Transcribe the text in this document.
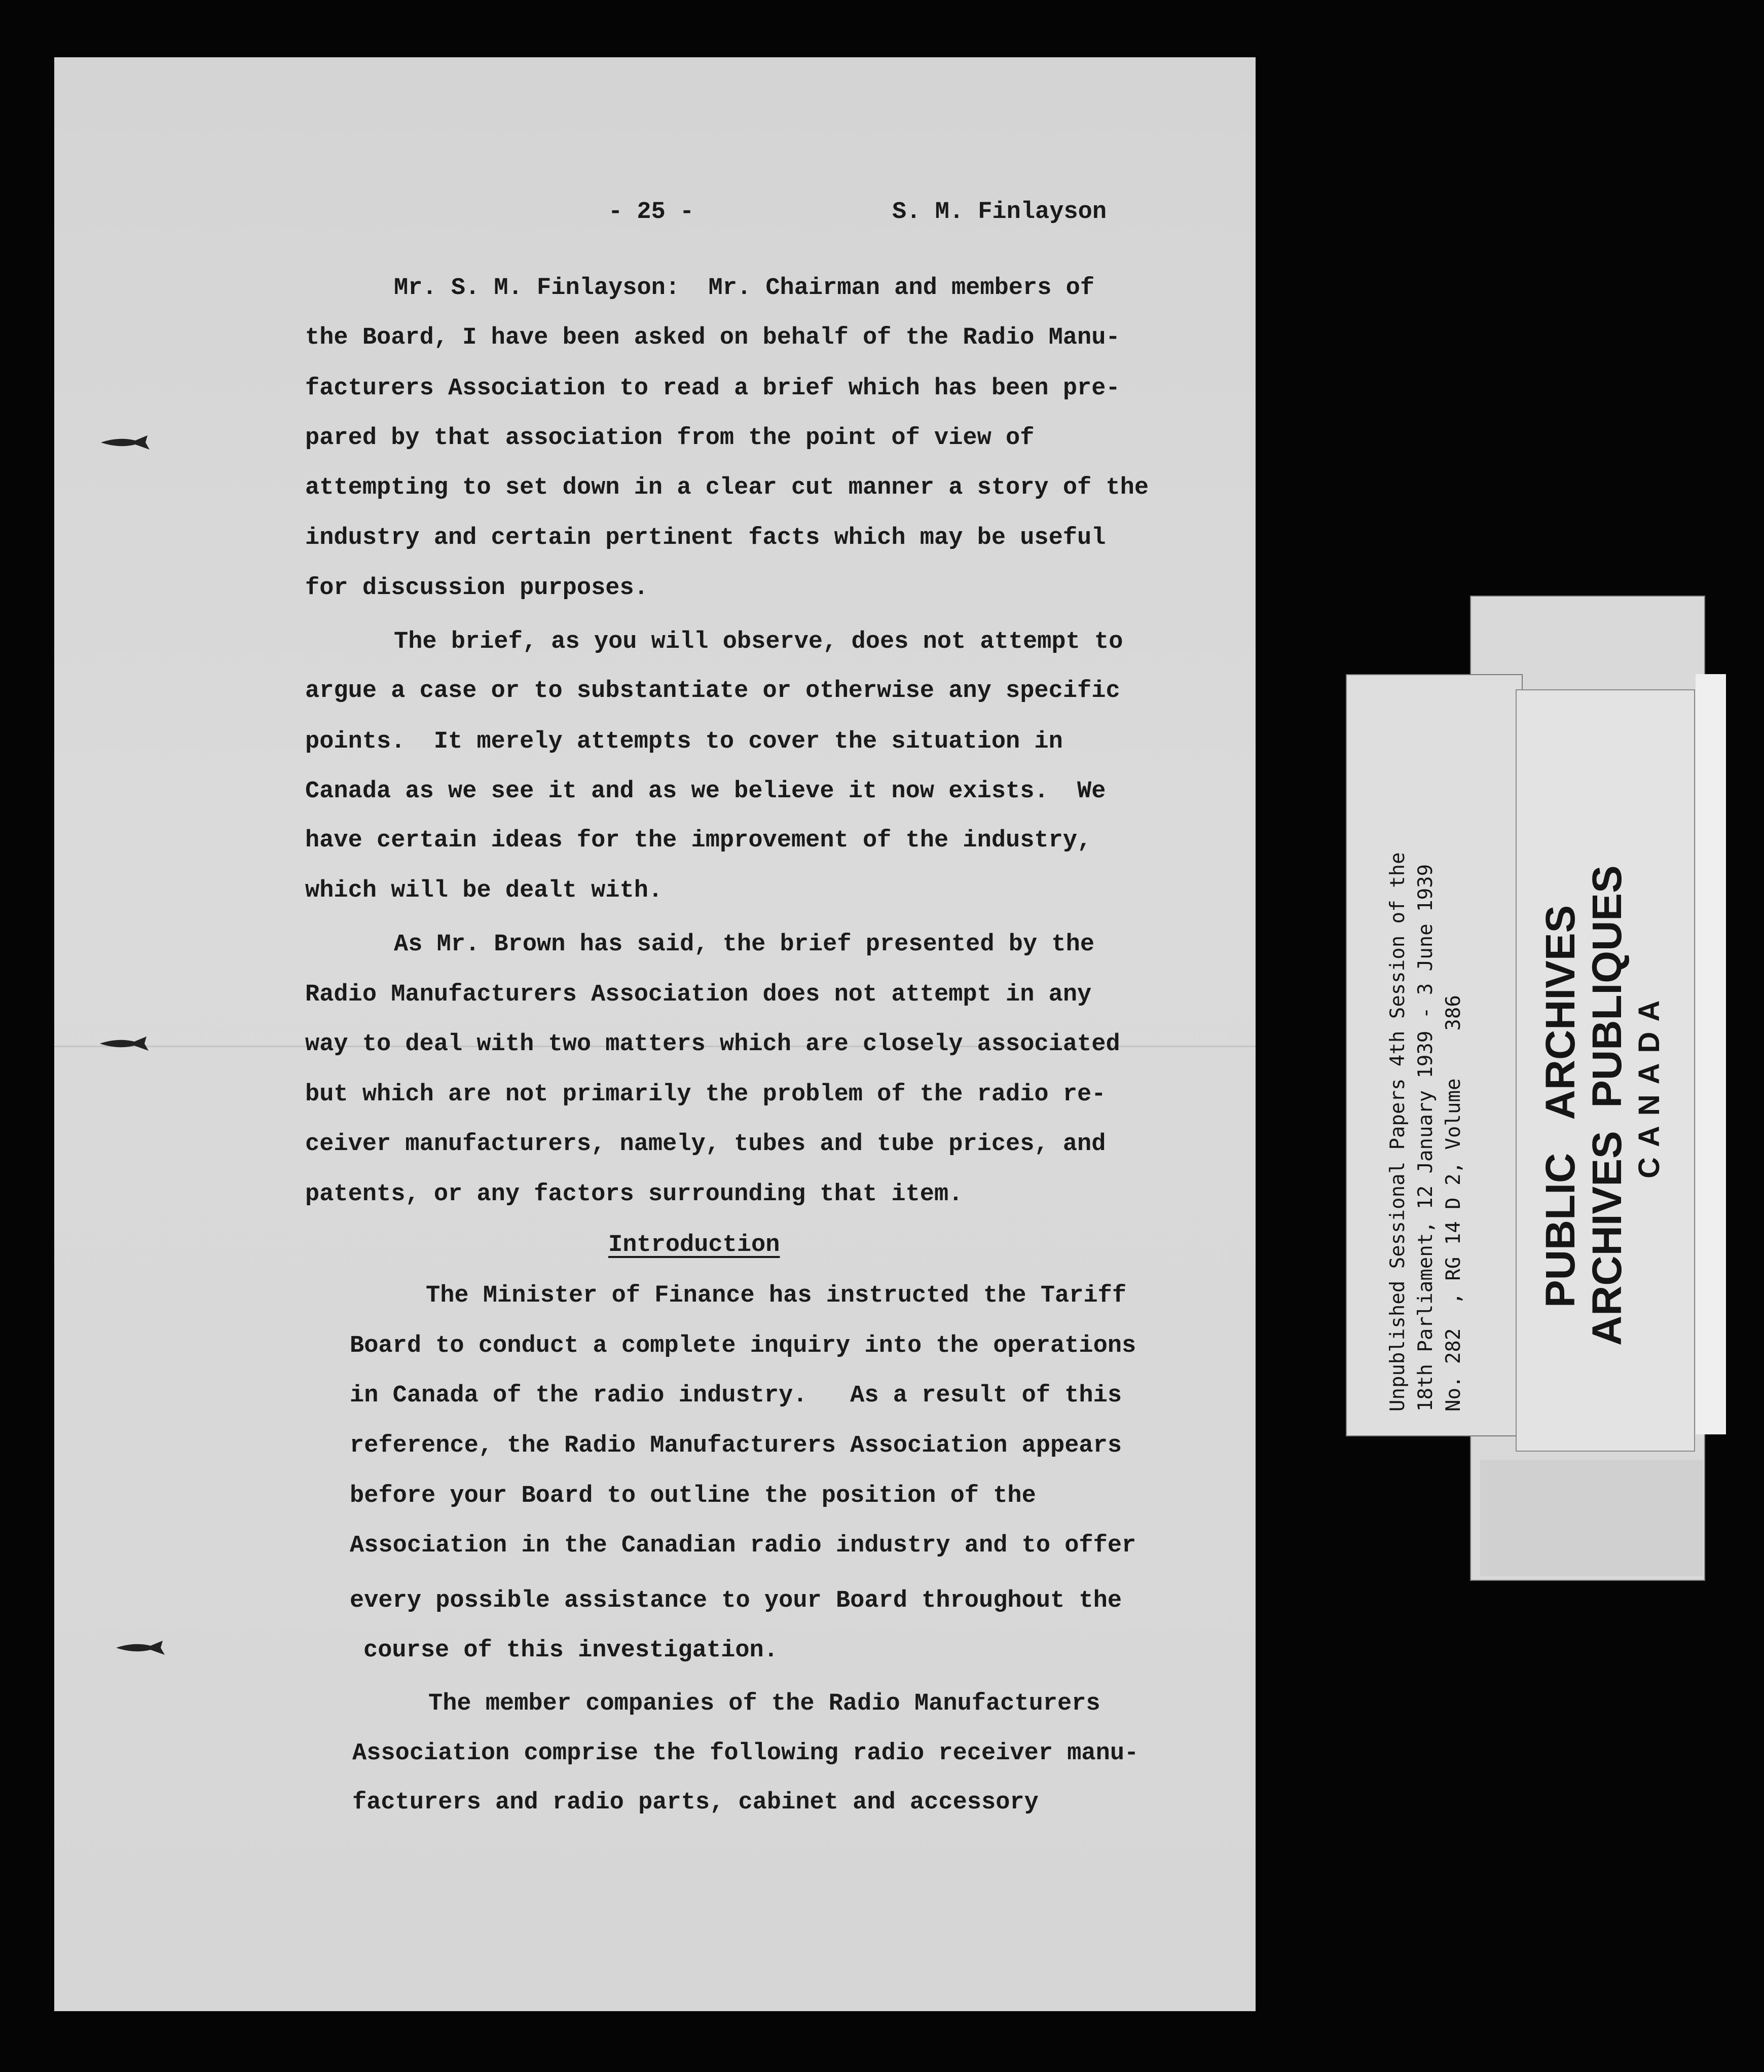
- 25 -	S. M. Finlayson
Mr. S. M. Finlayson:  Mr. Chairman and members of
the Board, I have been asked on behalf of the Radio Manu-
facturers Association to read a brief which has been pre-
pared by that association from the point of view of
attempting to set down in a clear cut manner a story of the
industry and certain pertinent facts which may be useful
for discussion purposes.
The brief, as you will observe, does not attempt to
argue a case or to substantiate or otherwise any specific
points.  It merely attempts to cover the situation in
Canada as we see it and as we believe it now exists.  We
have certain ideas for the improvement of the industry,
which will be dealt with.
As Mr. Brown has said, the brief presented by the
Radio Manufacturers Association does not attempt in any
way to deal with two matters which are closely associated
but which are not primarily the problem of the radio re-
ceiver manufacturers, namely, tubes and tube prices, and
patents, or any factors surrounding that item.
Introduction
The Minister of Finance has instructed the Tariff
Board to conduct a complete inquiry into the operations
in Canada of the radio industry.   As a result of this
reference, the Radio Manufacturers Association appears
before your Board to outline the position of the
Association in the Canadian radio industry and to offer
every possible assistance to your Board throughout the
course of this investigation.
The member companies of the Radio Manufacturers
Association comprise the following radio receiver manu-
facturers and radio parts, cabinet and accessory
Unpublished Sessional Papers 4th Session of the 18th Parliament, 12 January 1939 - 3 June 1939 No. 282  , RG 14 D 2, Volume    386 PUBLIC   ARCHIVES ARCHIVES  PUBLIQUES CANADA
